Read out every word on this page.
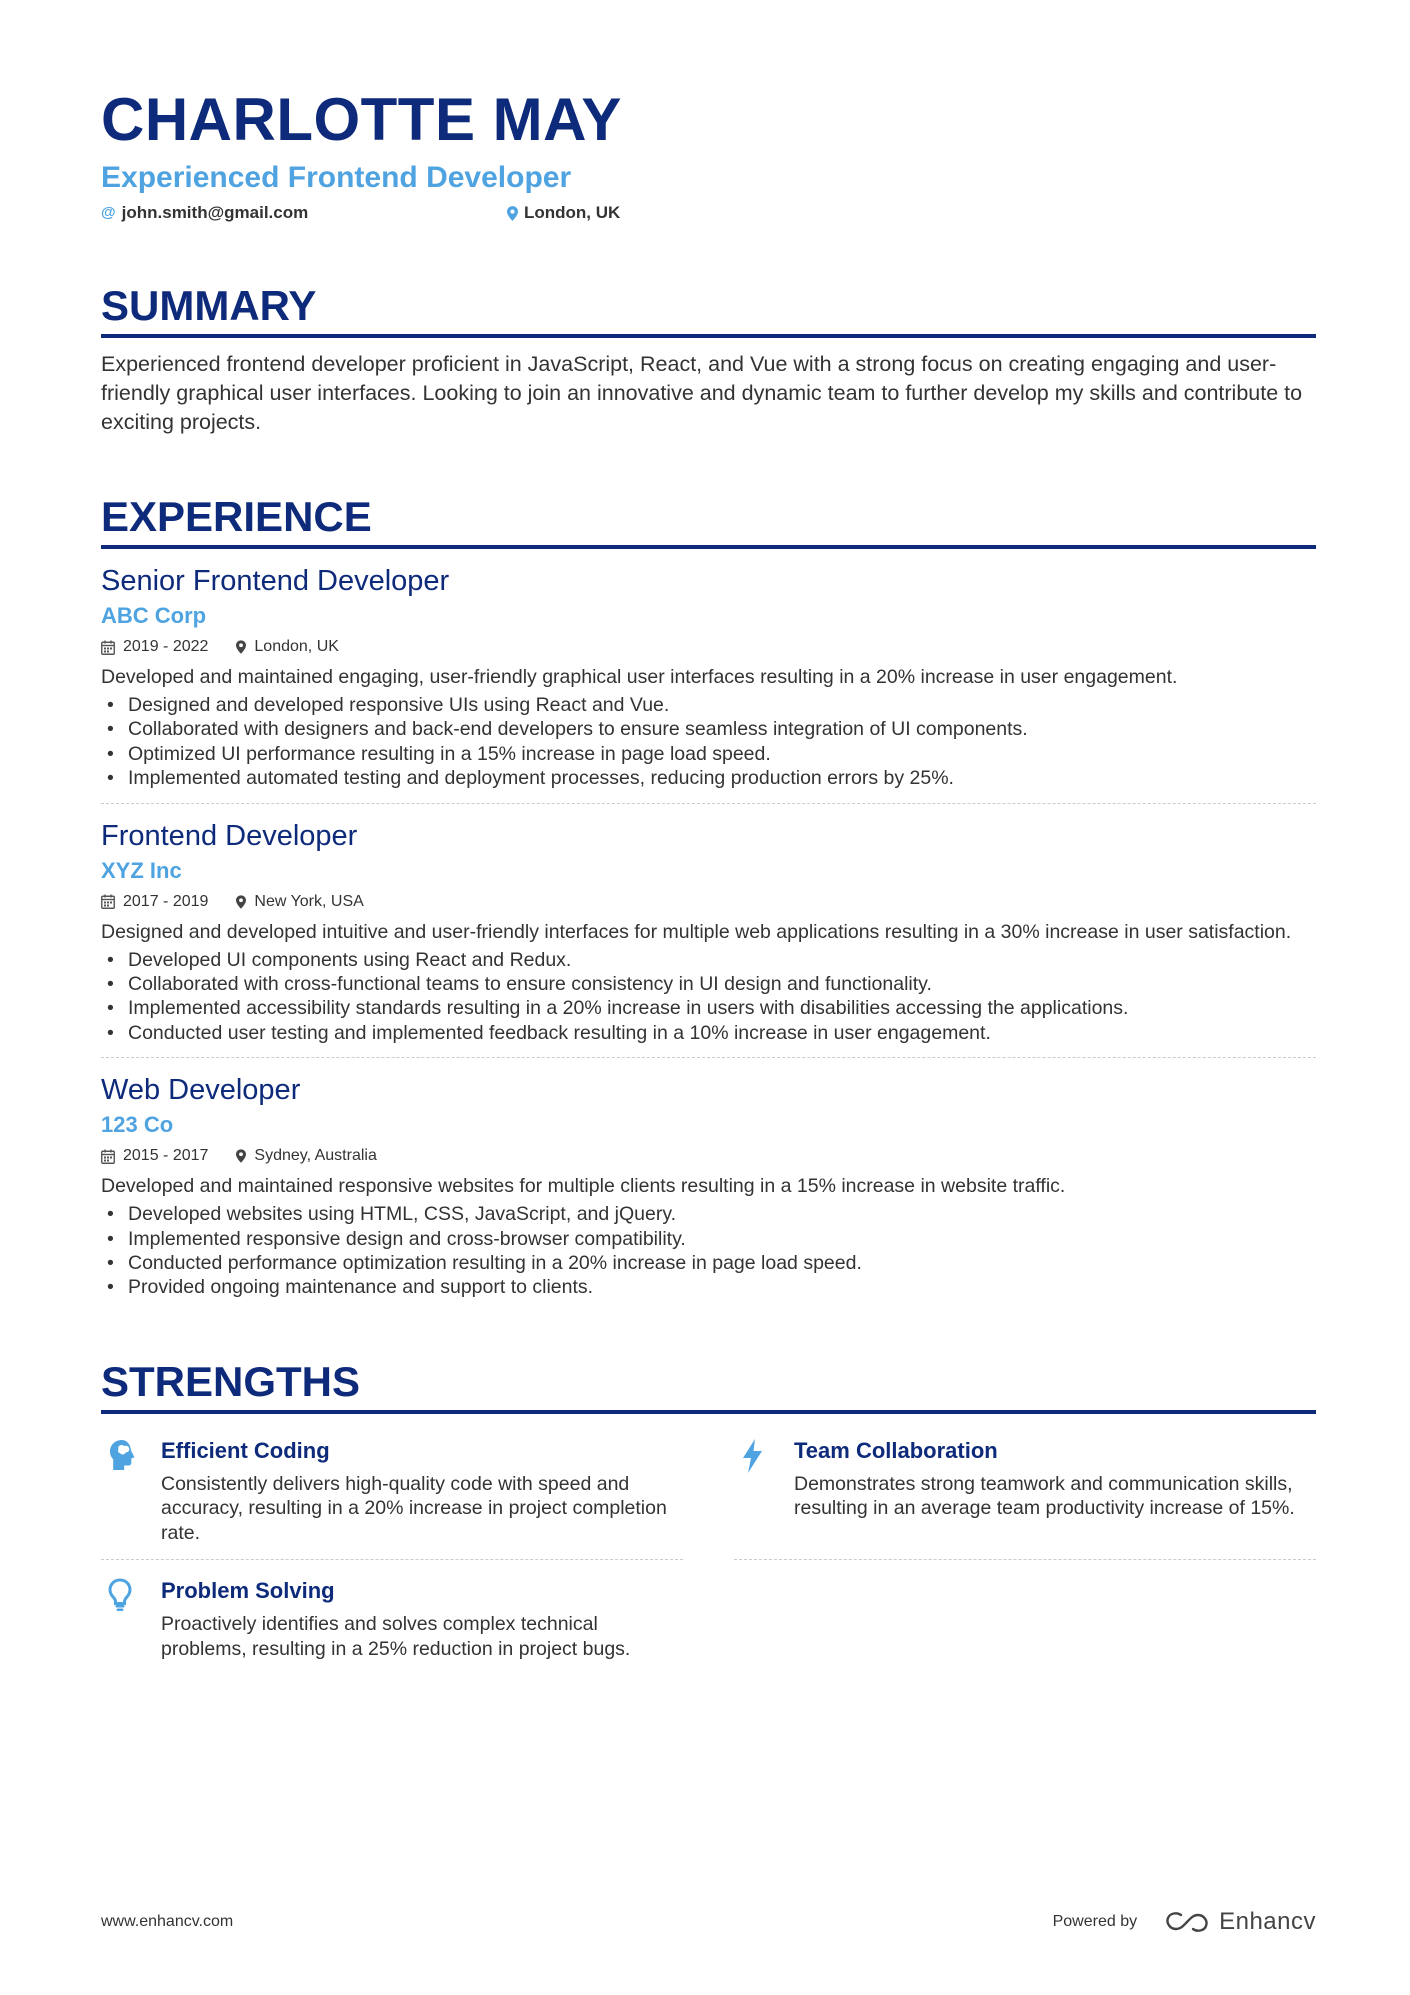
CHARLOTTE MAY
Experienced Frontend Developer
@ john.smith@gmail.com	London, UK
SUMMARY
Experienced frontend developer proficient in JavaScript, React, and Vue with a strong focus on creating engaging and user-friendly graphical user interfaces. Looking to join an innovative and dynamic team to further develop my skills and contribute to exciting projects.
EXPERIENCE
Senior Frontend Developer
ABC Corp
2019 - 2022	London, UK
Developed and maintained engaging, user-friendly graphical user interfaces resulting in a 20% increase in user engagement.
• Designed and developed responsive UIs using React and Vue.
• Collaborated with designers and back-end developers to ensure seamless integration of UI components.
• Optimized UI performance resulting in a 15% increase in page load speed.
• Implemented automated testing and deployment processes, reducing production errors by 25%.
Frontend Developer
XYZ Inc
2017 - 2019	New York, USA
Designed and developed intuitive and user-friendly interfaces for multiple web applications resulting in a 30% increase in user satisfaction.
• Developed UI components using React and Redux.
• Collaborated with cross-functional teams to ensure consistency in UI design and functionality.
• Implemented accessibility standards resulting in a 20% increase in users with disabilities accessing the applications.
• Conducted user testing and implemented feedback resulting in a 10% increase in user engagement.
Web Developer
123 Co
2015 - 2017	Sydney, Australia
Developed and maintained responsive websites for multiple clients resulting in a 15% increase in website traffic.
• Developed websites using HTML, CSS, JavaScript, and jQuery.
• Implemented responsive design and cross-browser compatibility.
• Conducted performance optimization resulting in a 20% increase in page load speed.
• Provided ongoing maintenance and support to clients.
STRENGTHS
Efficient Coding
Consistently delivers high-quality code with speed and accuracy, resulting in a 20% increase in project completion rate.
Team Collaboration
Demonstrates strong teamwork and communication skills, resulting in an average team productivity increase of 15%.
Problem Solving
Proactively identifies and solves complex technical problems, resulting in a 25% reduction in project bugs.
www.enhancv.com	Powered by	Enhancv
